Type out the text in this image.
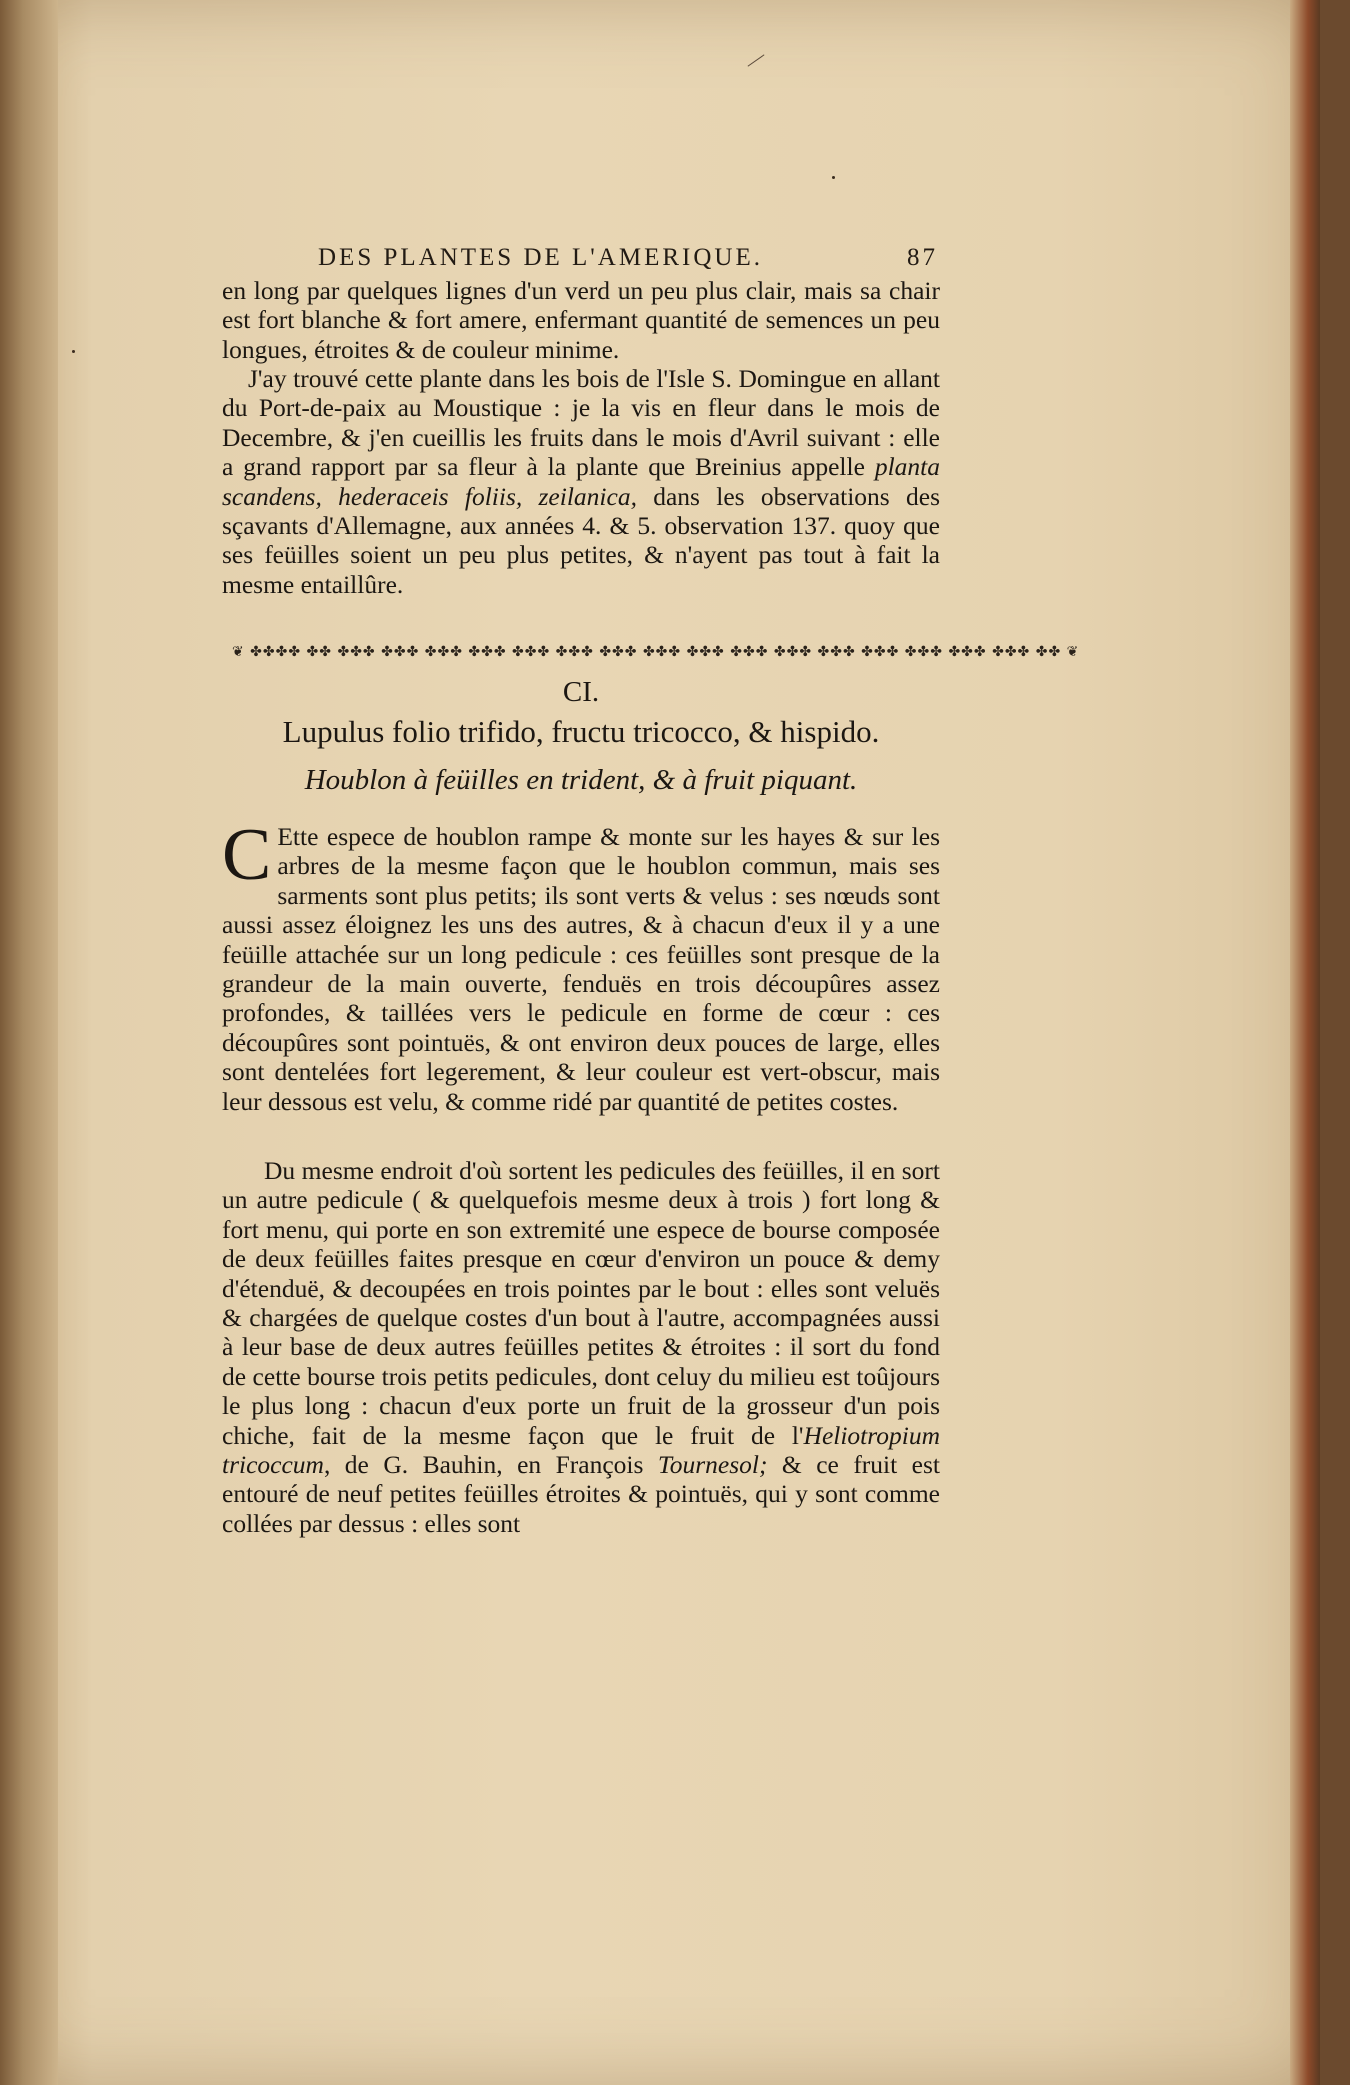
DES PLANTES DE L'AMERIQUE.	87
en long par quelques lignes d'un verd un peu plus clair, mais sa chair est fort blanche & fort amere, enfermant quantité de semences un peu longues, étroites & de couleur minime.
J'ay trouvé cette plante dans les bois de l'Isle S. Domingue en allant du Port-de-paix au Moustique : je la vis en fleur dans le mois de Decembre, & j'en cueillis les fruits dans le mois d'Avril suivant : elle a grand rapport par sa fleur à la plante que Breinius appelle planta scandens, hederaceis foliis, zeilanica, dans les observations des sçavants d'Allemagne, aux années 4. & 5. observation 137. quoy que ses feüilles soient un peu plus petites, & n'ayent pas tout à fait la mesme entaillûre.
❦ ✤✤✤✤ ✤✤ ✤✤✤ ✤✤✤ ✤✤✤ ✤✤✤ ✤✤✤ ✤✤✤ ✤✤✤ ✤✤✤ ✤✤✤ ✤✤✤ ✤✤✤ ✤✤✤ ✤✤✤ ✤✤✤ ✤✤✤ ✤✤✤ ✤✤ ❦
CI.
Lupulus folio trifido, fructu tricocco, & hispido.
Houblon à feüilles en trident, & à fruit piquant.
C Ette espece de houblon rampe & monte sur les hayes & sur les arbres de la mesme façon que le houblon commun, mais ses sarments sont plus petits; ils sont verts & velus : ses nœuds sont aussi assez éloignez les uns des autres, & à chacun d'eux il y a une feüille attachée sur un long pedicule : ces feüilles sont presque de la grandeur de la main ouverte, fenduës en trois découpûres assez profondes, & taillées vers le pedicule en forme de cœur : ces découpûres sont pointuës, & ont environ deux pouces de large, elles sont dentelées fort legerement, & leur couleur est vert-obscur, mais leur dessous est velu, & comme ridé par quantité de petites costes.
Du mesme endroit d'où sortent les pedicules des feüilles, il en sort un autre pedicule ( & quelquefois mesme deux à trois ) fort long & fort menu, qui porte en son extremité une espece de bourse composée de deux feüilles faites presque en cœur d'environ un pouce & demy d'étenduë, & decoupées en trois pointes par le bout : elles sont veluës & chargées de quelque costes d'un bout à l'autre, accompagnées aussi à leur base de deux autres feüilles petites & étroites : il sort du fond de cette bourse trois petits pedicules, dont celuy du milieu est toûjours le plus long : chacun d'eux porte un fruit de la grosseur d'un pois chiche, fait de la mesme façon que le fruit de l'Heliotropium tricoccum, de G. Bauhin, en François Tournesol; & ce fruit est entouré de neuf petites feüilles étroites & pointuës, qui y sont comme collées par dessus : elles sont
